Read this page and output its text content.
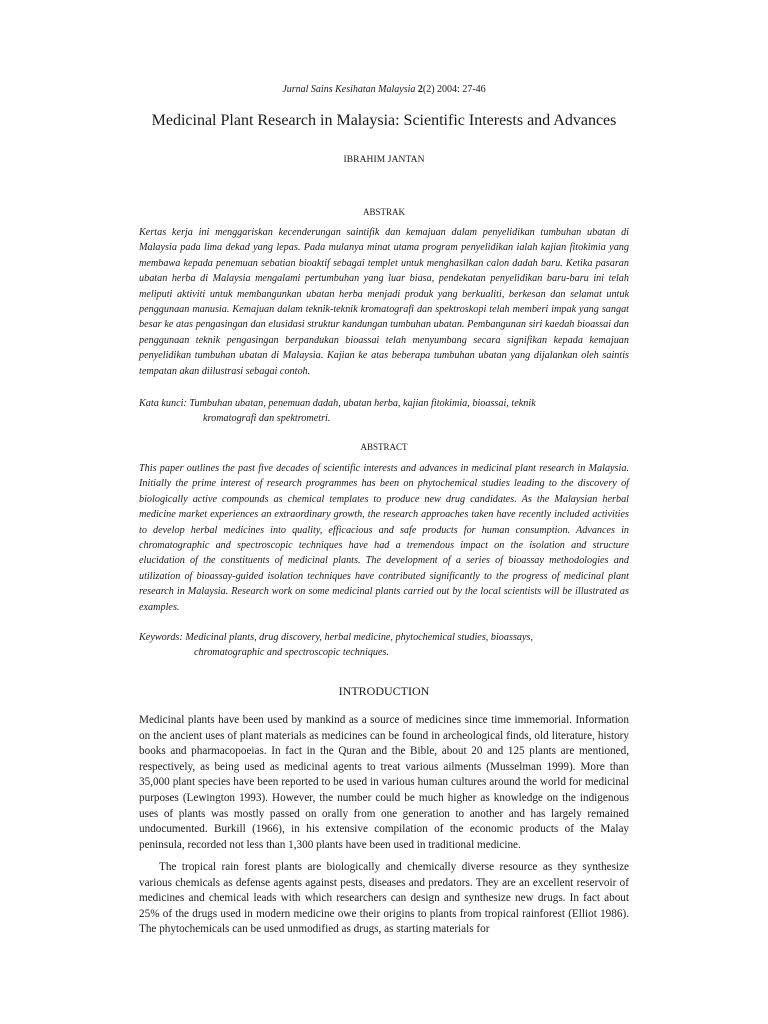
Jurnal Sains Kesihatan Malaysia 2(2) 2004: 27-46
Medicinal Plant Research in Malaysia: Scientific Interests and Advances
IBRAHIM JANTAN
ABSTRAK

Kertas kerja ini menggariskan kecenderungan saintifik dan kemajuan dalam penyelidikan tumbuhan ubatan di Malaysia pada lima dekad yang lepas. Pada mulanya minat utama program penyelidikan ialah kajian fitokimia yang membawa kepada penemuan sebatian bioaktif sebagai templet untuk menghasilkan calon dadah baru. Ketika pasaran ubatan herba di Malaysia mengalami pertumbuhan yang luar biasa, pendekatan penyelidikan baru-baru ini telah meliputi aktiviti untuk membangunkan ubatan herba menjadi produk yang berkualiti, berkesan dan selamat untuk penggunaan manusia. Kemajuan dalam teknik-teknik kromatografi dan spektroskopi telah memberi impak yang sangat besar ke atas pengasingan dan elusidasi struktur kandungan tumbuhan ubatan. Pembangunan siri kaedah bioassai dan penggunaan teknik pengasingan berpandukan bioassai telah menyumbang secara signifikan kepada kemajuan penyelidikan tumbuhan ubatan di Malaysia. Kajian ke atas beberapa tumbuhan ubatan yang dijalankan oleh saintis tempatan akan diilustrasi sebagai contoh.

Kata kunci: Tumbuhan ubatan, penemuan dadah, ubatan herba, kajian fitokimia, bioassai, teknik
kromatografi dan spektrometri.
ABSTRACT

This paper outlines the past five decades of scientific interests and advances in medicinal plant research in Malaysia. Initially the prime interest of research programmes has been on phytochemical studies leading to the discovery of biologically active compounds as chemical templates to produce new drug candidates. As the Malaysian herbal medicine market experiences an extraordinary growth, the research approaches taken have recently included activities to develop herbal medicines into quality, efficacious and safe products for human consumption. Advances in chromatographic and spectroscopic techniques have had a tremendous impact on the isolation and structure elucidation of the constituents of medicinal plants. The development of a series of bioassay methodologies and utilization of bioassay-guided isolation techniques have contributed significantly to the progress of medicinal plant research in Malaysia. Research work on some medicinal plants carried out by the local scientists will be illustrated as examples.

Keywords: Medicinal plants, drug discovery, herbal medicine, phytochemical studies, bioassays,
chromatographic and spectroscopic techniques.
INTRODUCTION

Medicinal plants have been used by mankind as a source of medicines since time immemorial. Information on the ancient uses of plant materials as medicines can be found in archeological finds, old literature, history books and pharmacopoeias. In fact in the Quran and the Bible, about 20 and 125 plants are mentioned, respectively, as being used as medicinal agents to treat various ailments (Musselman 1999). More than 35,000 plant species have been reported to be used in various human cultures around the world for medicinal purposes (Lewington 1993). However, the number could be much higher as knowledge on the indigenous uses of plants was mostly passed on orally from one generation to another and has largely remained undocumented. Burkill (1966), in his extensive compilation of the economic products of the Malay peninsula, recorded not less than 1,300 plants have been used in traditional medicine.

The tropical rain forest plants are biologically and chemically diverse resource as they synthesize various chemicals as defense agents against pests, diseases and predators. They are an excellent reservoir of medicines and chemical leads with which researchers can design and synthesize new drugs. In fact about 25% of the drugs used in modern medicine owe their origins to plants from tropical rainforest (Elliot 1986). The phytochemicals can be used unmodified as drugs, as starting materials for
